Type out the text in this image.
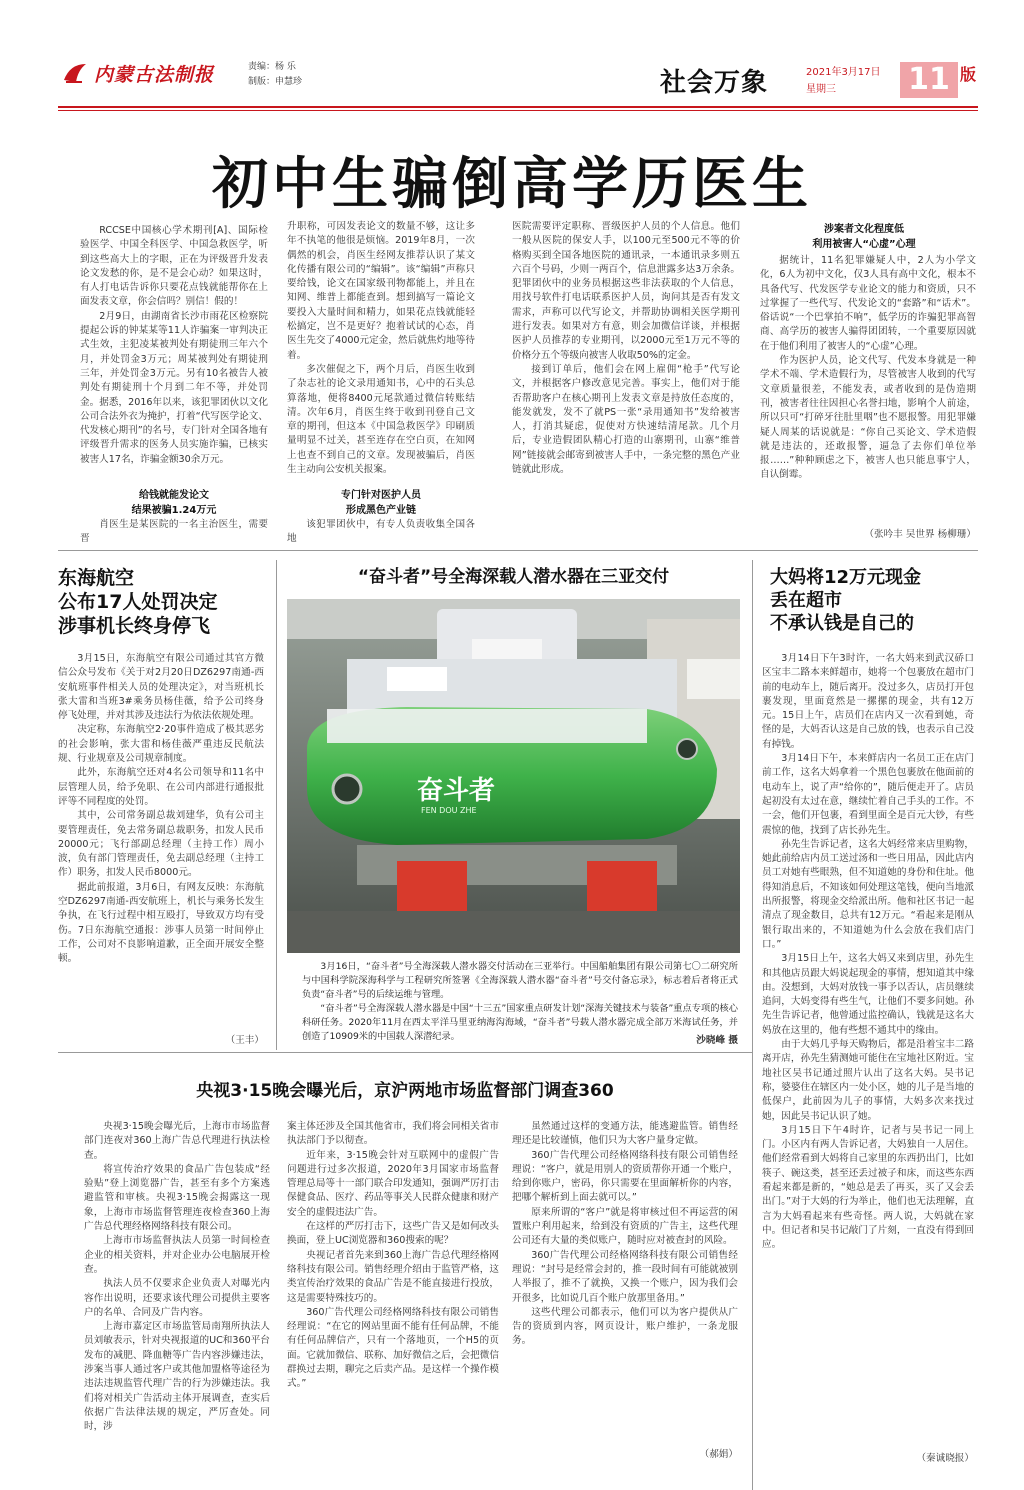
内蒙古法制报	责编：杨 乐
制版：申慧珍	社会万象	2021年3月17日
星期三	11 版
初中生骗倒高学历医生

RCCSE中国核心学术期刊[A]、国际检验医学、中国全科医学、中国急救医学，听到这些高大上的字眼，正在为评级晋升发表论文发愁的你，是不是会心动？如果这时，有人打电话告诉你只要花点钱就能帮你在上面发表文章，你会信吗？别信！假的！

2月9日，由湖南省长沙市雨花区检察院提起公诉的钟某某等11人诈骗案一审判决正式生效，主犯凌某被判处有期徒刑三年六个月，并处罚金3万元；周某被判处有期徒刑三年，并处罚金3万元。另有10名被告人被判处有期徒刑十个月到二年不等，并处罚金。据悉，2016年以来，该犯罪团伙以文化公司合法外衣为掩护，打着“代写医学论文、代发核心期刊”的名号，专门针对全国各地有评级晋升需求的医务人员实施诈骗，已核实被害人17名，诈骗金额30余万元。

给钱就能发论文
结果被骗1.24万元

肖医生是某医院的一名主治医生，需要晋

升职称，可因发表论文的数量不够，这让多年不执笔的他很是烦恼。2019年8月，一次偶然的机会，肖医生经网友推荐认识了某文化传播有限公司的“编辑”。该“编辑”声称只要给钱，论文在国家级刊物都能上，并且在知网、维普上都能查到。想到搞写一篇论文要投入大量时间和精力，如果花点钱就能轻松搞定，岂不是更好？抱着试试的心态，肖医生先交了4000元定金，然后就焦灼地等待着。

多次催促之下，两个月后，肖医生收到了杂志社的论文录用通知书，心中的石头总算落地，便将8400元尾款通过微信转账结清。次年6月，肖医生终于收到刊登自己文章的期刊，但这本《中国急救医学》印刷质量明显不过关，甚至连存在空白页，在知网上也查不到自己的文章。发现被骗后，肖医生主动向公安机关报案。

专门针对医护人员
形成黑色产业链

该犯罪团伙中，有专人负责收集全国各地

医院需要评定职称、晋级医护人员的个人信息。他们一般从医院的保安人手，以100元至500元不等的价格购买到全国各地医院的通讯录，一本通讯录多则五六百个号码，少则一两百个，信息泄露多达3万余条。犯罪团伙中的业务员根据这些非法获取的个人信息，用找号软件打电话联系医护人员，询问其是否有发文需求，声称可以代写论文，并帮助协调相关医学期刊进行发表。如果对方有意，则会加微信详谈，并根据医护人员推荐的专业期刊，以2000元至1万元不等的价格分五个等级向被害人收取50%的定金。

接到订单后，他们会在网上雇佣“枪手”代写论文，并根据客户修改意见完善。事实上，他们对于能否帮助客户在核心期刊上发表文章是持放任态度的，能发就发，发不了就PS一张“录用通知书”发给被害人，打消其疑虑，促使对方快速结清尾款。几个月后，专业造假团队精心打造的山寨期刊，山寨“维普网”链接就会邮寄到被害人手中，一条完整的黑色产业链就此形成。

涉案者文化程度低
利用被害人“心虚”心理

据统计，11名犯罪嫌疑人中，2人为小学文化，6人为初中文化，仅3人具有高中文化，根本不具备代写、代发医学专业论文的能力和资质，只不过掌握了一些代写、代发论文的“套路”和“话术”。俗话说“一个巴掌拍不响”，低学历的诈骗犯罪高智商、高学历的被害人骗得团团转，一个重要原因就在于他们利用了被害人的“心虚”心理。

作为医护人员，论文代写、代发本身就是一种学术不端、学术造假行为，尽管被害人收到的代写文章质量很差，不能发表，或者收到的是伪造期刊，被害者往往因担心名誉扫地，影响个人前途，所以只可“打碎牙往肚里咽”也不愿报警。用犯罪嫌疑人周某的话说就是：“你自己买论文、学术造假就是违法的，还敢报警，逼急了去你们单位举报……”种种顾虑之下，被害人也只能息事宁人，自认倒霉。

（张吟丰 吴世界 杨柳珊）
东海航空
公布17人处罚决定
涉事机长终身停飞

3月15日，东海航空有限公司通过其官方微信公众号发布《关于对2月20日DZ6297南通-西安航班事件相关人员的处理决定》，对当班机长张大雷和当班3#乘务员杨佳薇，给予公司终身停飞处理，并对其涉及违法行为依法依规处理。

决定称，东海航空2·20事件造成了极其恶劣的社会影响，张大雷和杨佳薇严重违反民航法规、行业规章及公司规章制度。

此外，东海航空还对4名公司领导和11名中层管理人员，给予免职、在公司内部进行通报批评等不同程度的处罚。

其中，公司常务副总裁刘建华，负有公司主要管理责任，免去常务副总裁职务，扣发人民币20000元；飞行部副总经理（主持工作）周小波，负有部门管理责任，免去副总经理（主持工作）职务，扣发人民币8000元。

据此前报道，3月6日，有网友反映：东海航空DZ6297南通-西安航班上，机长与乘务长发生争执，在飞行过程中相互殴打，导致双方均有受伤。7日东海航空通报：涉事人员第一时间停止工作，公司对不良影响道歉，正全面开展安全整顿。

（王丰）
“奋斗者”号全海深载人潜水器在三亚交付
奋斗者
FEN DOU ZHE
3月16日，“奋斗者”号全海深载人潜水器交付活动在三亚举行。中国船舶集团有限公司第七〇二研究所与中国科学院深海科学与工程研究所签署《全海深载人潜水器“奋斗者”号交付备忘录》，标志着后者将正式负责“奋斗者”号的后续运维与管理。
“奋斗者”号全海深载人潜水器是中国“十三五”国家重点研发计划“深海关键技术与装备”重点专项的核心科研任务。2020年11月在西太平洋马里亚纳海沟海域，“奋斗者”号载人潜水器完成全部万米海试任务，并创造了10909米的中国载人深潜纪录。	沙晓峰 摄
大妈将12万元现金
丢在超市
不承认钱是自己的

3月14日下午3时许，一名大妈来到武汉硚口区宝丰二路本来鲜超市，她将一个包裹放在超市门前的电动车上，随后离开。没过多久，店员打开包裹发现，里面竟然是一摞摞的现金，共有12万元。15日上午，店员们在店内又一次看到她，奇怪的是，大妈否认这是自己放的钱，也表示自己没有掉钱。

3月14日下午，本来鲜店内一名员工正在店门前工作，这名大妈拿着一个黑色包裹放在他面前的电动车上，说了声“给你的”，随后便走开了。店员起初没有太过在意，继续忙着自己手头的工作。不一会，他们开包裹，看到里面全是百元大钞，有些震惊的他，找到了店长孙先生。

孙先生告诉记者，这名大妈经常来店里购物，她此前给店内员工送过汤和一些日用品，因此店内员工对她有些眼熟，但不知道她的身份和住址。他得知消息后，不知该如何处理这笔钱，便向当地派出所报警，将现金交给派出所。他和社区书记一起清点了现金数目，总共有12万元。“看起来是刚从银行取出来的，不知道她为什么会放在我们店门口。”

3月15日上午，这名大妈又来到店里，孙先生和其他店员跟大妈说起现金的事情，想知道其中缘由。没想到，大妈对放钱一事予以否认，店员继续追问，大妈变得有些生气，让他们不要多问她。孙先生告诉记者，他曾通过监控确认，钱就是这名大妈放在这里的，他有些想不通其中的缘由。

由于大妈几乎每天购物后，都是沿着宝丰二路离开店，孙先生猜测她可能住在宝地社区附近。宝地社区吴书记通过照片认出了这名大妈。吴书记称，婆婆住在辖区内一处小区，她的儿子是当地的低保户，此前因为儿子的事情，大妈多次来找过她，因此吴书记认识了她。

3月15日下午4时许，记者与吴书记一同上门。小区内有两人告诉记者，大妈独自一人居住。他们经常看到大妈将自己家里的东西扔出门，比如筷子、碗这类，甚至还丢过被子和床，而这些东西看起来都是新的，“她总是丢了再买，买了又会丢出门。”对于大妈的行为举止，他们也无法理解，直言为大妈看起来有些奇怪。两人说，大妈就在家中。但记者和吴书记敲门了片刻，一直没有得到回应。

（秦诚晓报）
央视3·15晚会曝光后，京沪两地市场监督部门调查360

央视3·15晚会曝光后，上海市市场监督部门连夜对360上海广告总代理进行执法检查。

将宣传治疗效果的食品广告包装成“经验贴”登上浏览器广告，甚至有多个方案逃避监管和审核。央视3·15晚会揭露这一现象，上海市市场监督管理连夜检查360上海广告总代理经格网络科技有限公司。

上海市市场监督执法人员第一时间检查企业的相关资料，并对企业办公电脑展开检查。

执法人员不仅要求企业负责人对曝光内容作出说明，还要求该代理公司提供主要客户的名单、合同及广告内容。

上海市嘉定区市场监管局南翔所执法人员刘敏表示，针对央视报道的UC和360平台发布的减肥、降血糖等广告内容涉嫌违法，涉案当事人通过客户或其他加盟格等途径为违法违规监管代理广告的行为涉嫌违法。我们将对相关广告活动主体开展调查，查实后依据广告法律法规的规定，严厉查处。同时，涉

案主体还涉及全国其他省市，我们将会同相关省市执法部门予以彻查。

近年来，3·15晚会针对互联网中的虚假广告问题进行过多次报道，2020年3月国家市场监督管理总局等十一部门联合印发通知，强调严厉打击保健食品、医疗、药品等事关人民群众健康和财产安全的虚假违法广告。

在这样的严厉打击下，这些广告又是如何改头换面，登上UC浏览器和360搜索的呢？

央视记者首先来到360上海广告总代理经格网络科技有限公司。销售经理介绍由于监管严格，这类宣传治疗效果的食品广告是不能直接进行投放，这是需要特殊技巧的。

360广告代理公司经格网络科技有限公司销售经理说：“在它的网站里面不能有任何品牌，不能有任何品牌信产，只有一个落地页，一个H5的页面。它就加微信、联称、加好微信之后，会把微信群换过去期，聊完之后卖产品。是这样一个操作模式。”

虽然通过这样的变通方法，能逃避监管。销售经理还是比较谨慎，他们只为大客户量身定做。

360广告代理公司经格网络科技有限公司销售经理说：“客户，就是用别人的资质帮你开通一个账户，给到你账户，密码，你只需要在里面解析你的内容，把哪个解析到上面去就可以。”

原来所谓的“客户”就是将审核过但不再运营的闲置账户利用起来，给到没有资质的广告主，这些代理公司还有大量的类似账户，随时应对被查封的风险。

360广告代理公司经格网络科技有限公司销售经理说：“封号是经常会封的，推一段时间有可能就被别人举报了，推不了就换，又换一个账户，因为我们会开很多，比如说几百个账户放那里备用。”

这些代理公司都表示，他们可以为客户提供从广告的资质到内容，网页设计，账户维护，一条龙服务。

（郝娟）
